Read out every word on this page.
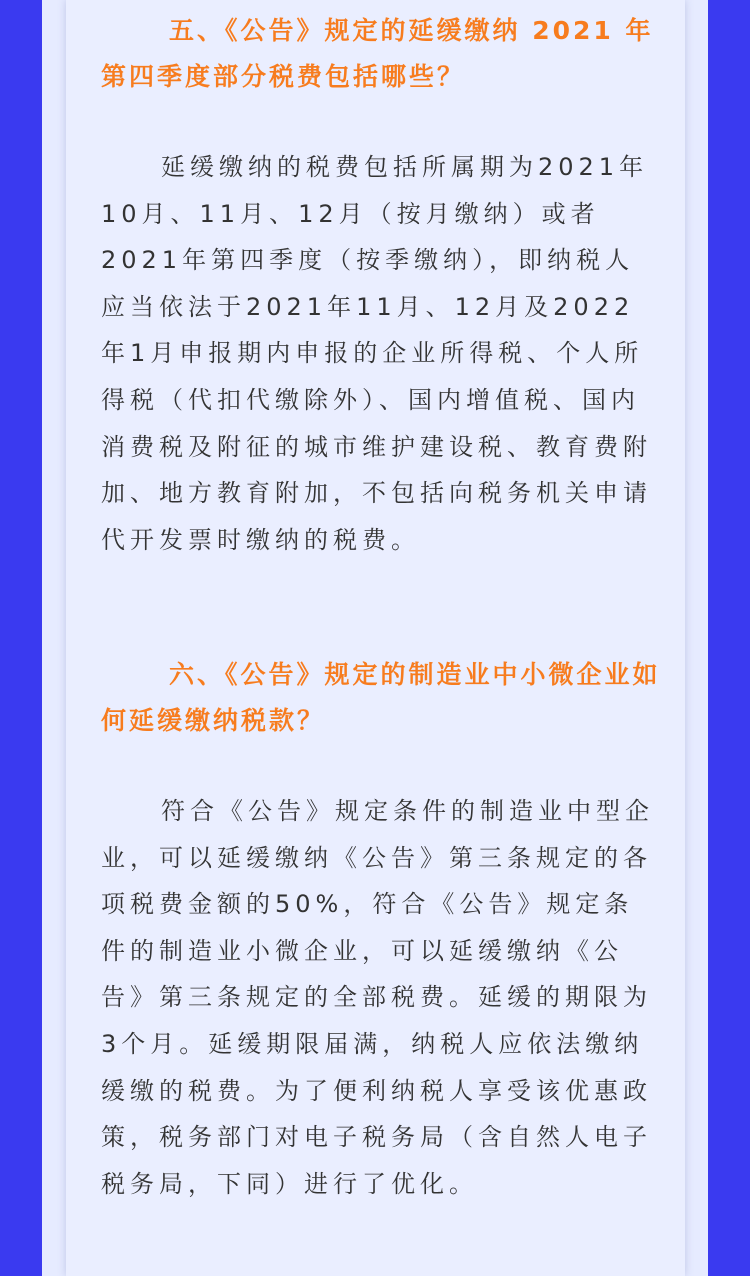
五、《公告》规定的延缓缴纳 2021 年第四季度部分税费包括哪些？

延缓缴纳的税费包括所属期为2021年10月、11月、12月（按月缴纳）或者2021年第四季度（按季缴纳），即纳税人应当依法于2021年11月、12月及2022年1月申报期内申报的企业所得税、个人所得税（代扣代缴除外）、国内增值税、国内消费税及附征的城市维护建设税、教育费附加、地方教育附加，不包括向税务机关申请代开发票时缴纳的税费。

六、《公告》规定的制造业中小微企业如何延缓缴纳税款？

符合《公告》规定条件的制造业中型企业，可以延缓缴纳《公告》第三条规定的各项税费金额的50%，符合《公告》规定条件的制造业小微企业，可以延缓缴纳《公告》第三条规定的全部税费。延缓的期限为3个月。延缓期限届满，纳税人应依法缴纳缓缴的税费。为了便利纳税人享受该优惠政策，税务部门对电子税务局（含自然人电子税务局，下同）进行了优化。
